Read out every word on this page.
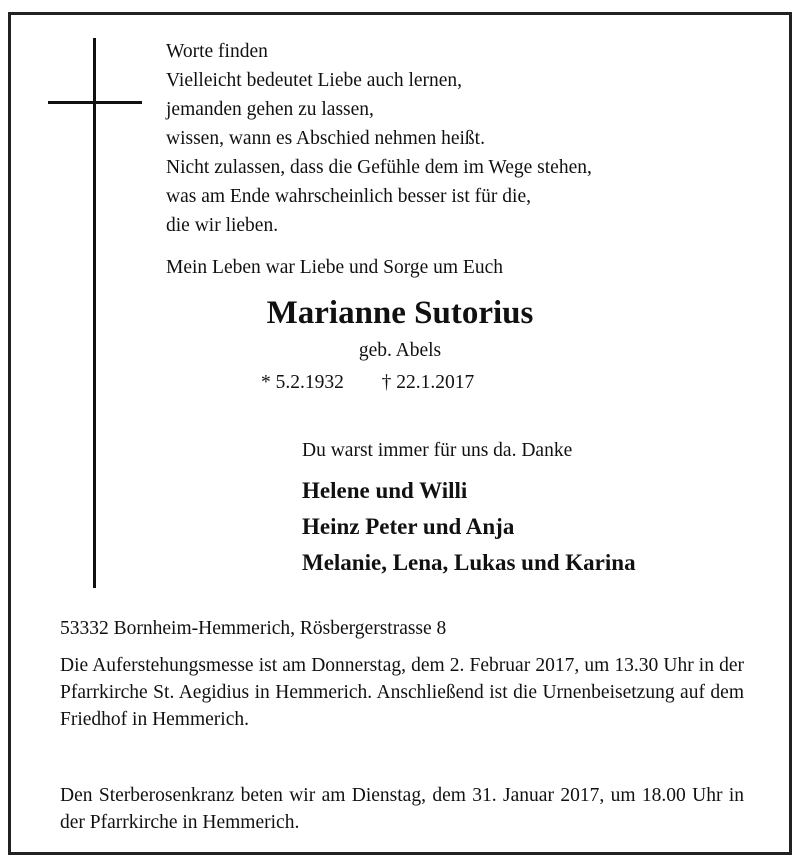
Worte finden
Vielleicht bedeutet Liebe auch lernen,
jemanden gehen zu lassen,
wissen, wann es Abschied nehmen heißt.
Nicht zulassen, dass die Gefühle dem im Wege stehen,
was am Ende wahrscheinlich besser ist für die,
die wir lieben.
Mein Leben war Liebe und Sorge um Euch
Marianne Sutorius
geb. Abels
* 5.2.1932 † 22.1.2017
Du warst immer für uns da. Danke
Helene und Willi
Heinz Peter und Anja
Melanie, Lena, Lukas und Karina
53332 Bornheim-Hemmerich, Rösbergerstrasse 8
Die Auferstehungsmesse ist am Donnerstag, dem 2. Februar 2017, um 13.30 Uhr in der Pfarrkirche St. Aegidius in Hemmerich. Anschließend ist die Urnenbeisetzung auf dem Friedhof in Hemmerich.
Den Sterberosenkranz beten wir am Dienstag, dem 31. Januar 2017, um 18.00 Uhr in der Pfarrkirche in Hemmerich.
